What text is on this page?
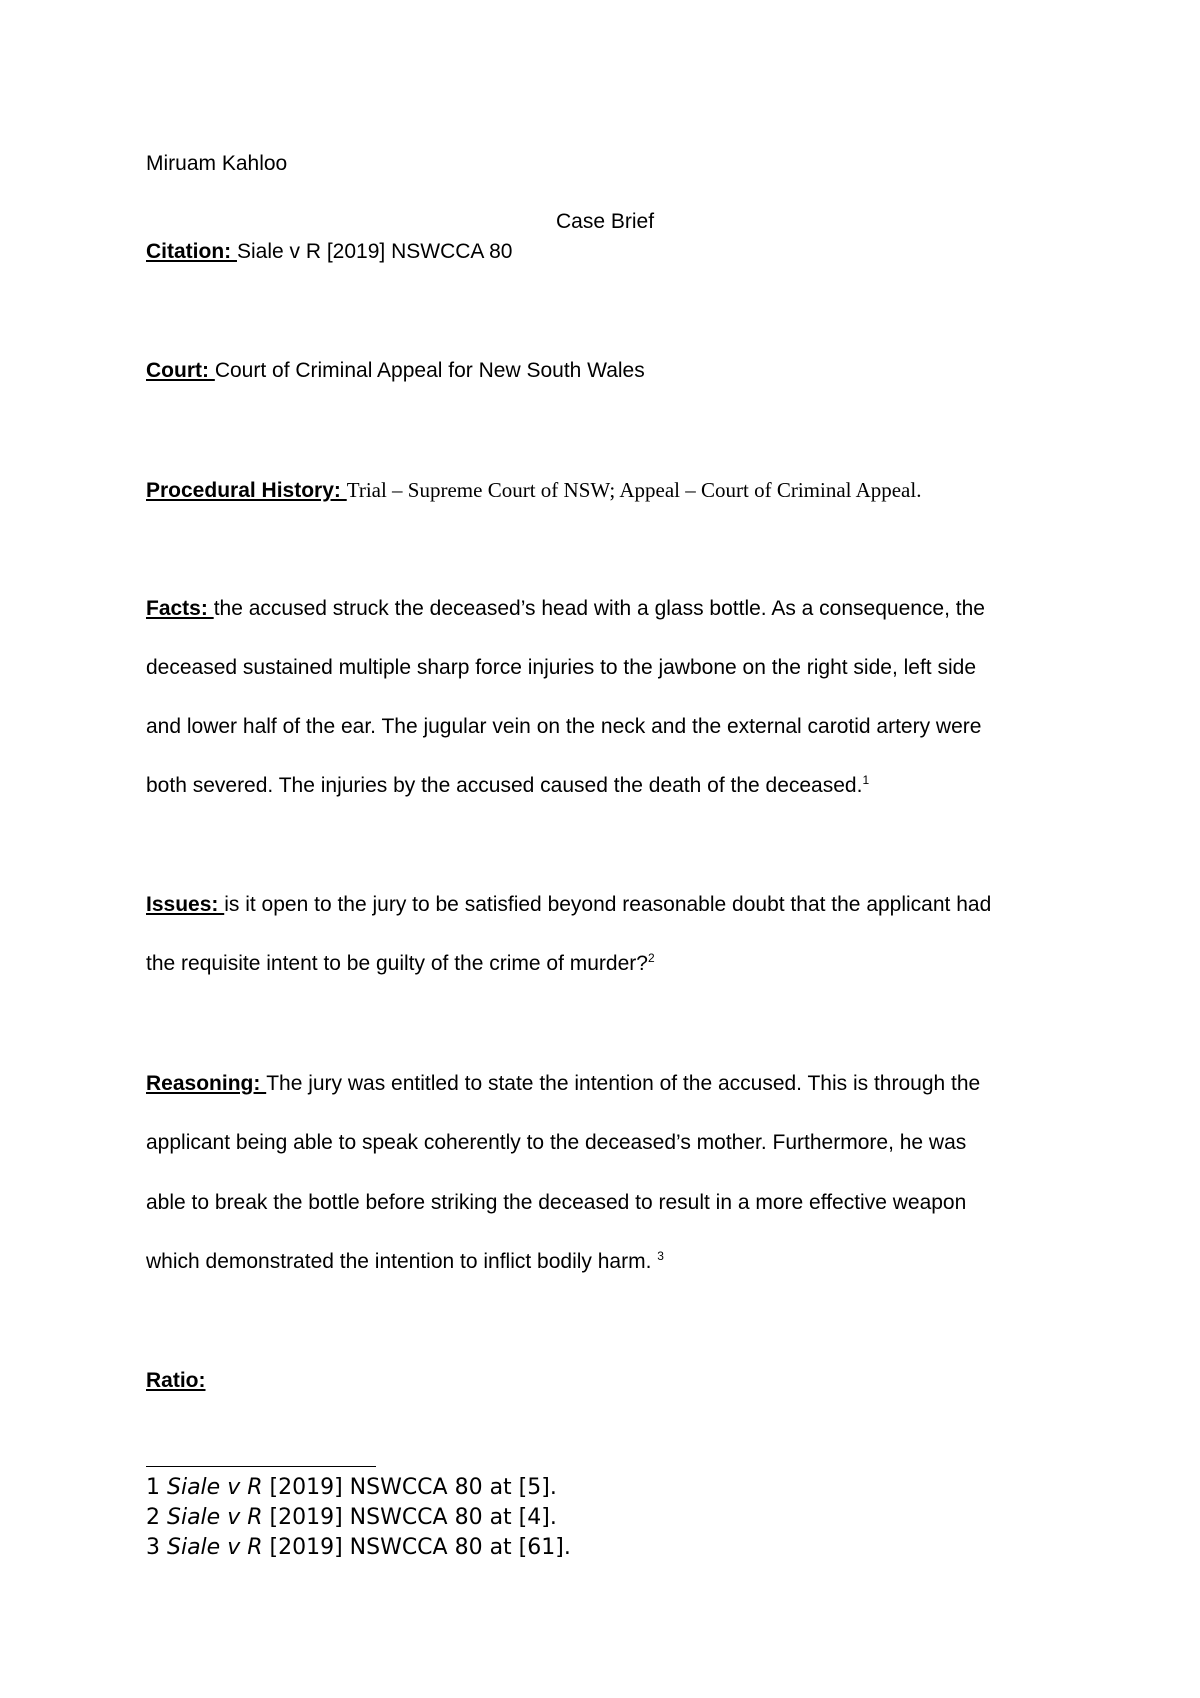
Miruam Kahloo
Case Brief
Citation: Siale v R [2019] NSWCCA 80
Court: Court of Criminal Appeal for New South Wales
Procedural History: Trial – Supreme Court of NSW; Appeal – Court of Criminal Appeal.
Facts: the accused struck the deceased’s head with a glass bottle. As a consequence, the
deceased sustained multiple sharp force injuries to the jawbone on the right side, left side
and lower half of the ear. The jugular vein on the neck and the external carotid artery were
both severed. The injuries by the accused caused the death of the deceased.$^1$
Issues: is it open to the jury to be satisfied beyond reasonable doubt that the applicant had
the requisite intent to be guilty of the crime of murder?$^2$
Reasoning: The jury was entitled to state the intention of the accused. This is through the
applicant being able to speak coherently to the deceased’s mother. Furthermore, he was
able to break the bottle before striking the deceased to result in a more effective weapon
which demonstrated the intention to inflict bodily harm. $^3$
Ratio:
1 Siale v R [2019] NSWCCA 80 at [5].
2 Siale v R [2019] NSWCCA 80 at [4].
3 Siale v R [2019] NSWCCA 80 at [61].
